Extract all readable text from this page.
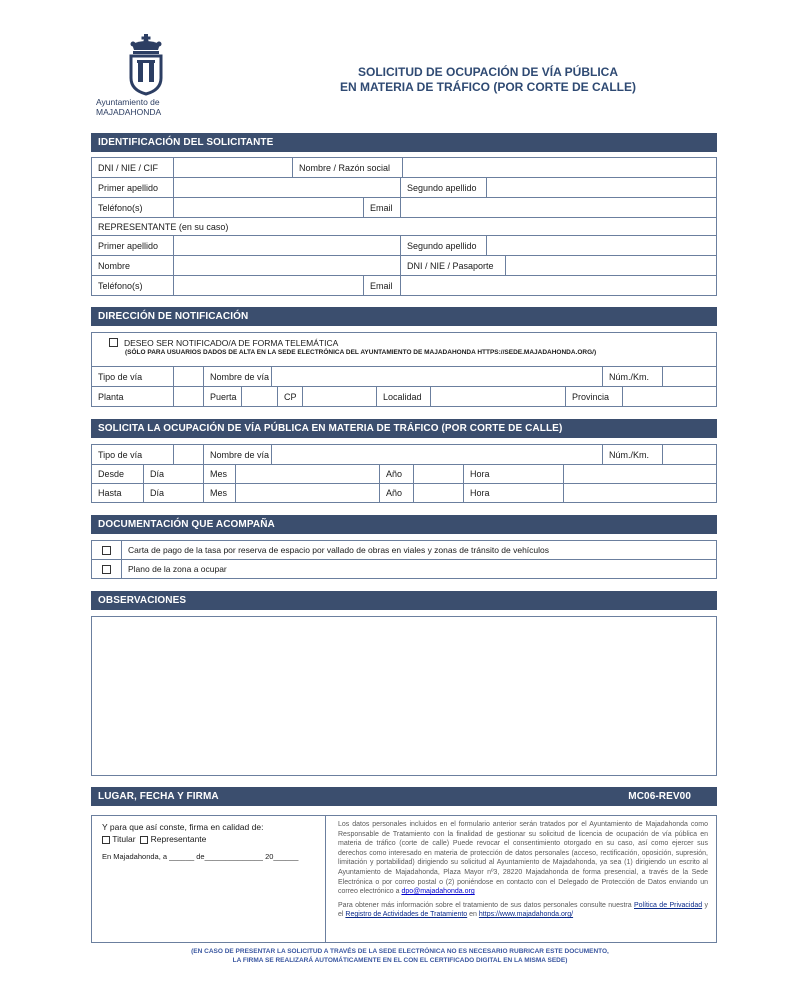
Ayuntamiento de
MAJADAHONDA
SOLICITUD DE OCUPACIÓN DE VÍA PÚBLICA
EN MATERIA DE TRÁFICO (POR CORTE DE CALLE)
IDENTIFICACIÓN DEL SOLICITANTE
DNI / NIE / CIF	Nombre / Razón social
Primer apellido	Segundo apellido
Teléfono(s)	Email
REPRESENTANTE (en su caso)
Primer apellido	Segundo apellido
Nombre	DNI / NIE / Pasaporte
Teléfono(s)	Email
DIRECCIÓN DE NOTIFICACIÓN
DESEO SER NOTIFICADO/A DE FORMA TELEMÁTICA
(SÓLO PARA USUARIOS DADOS DE ALTA EN LA SEDE ELECTRÓNICA DEL AYUNTAMIENTO DE MAJADAHONDA HTTPS://SEDE.MAJADAHONDA.ORG/)
Tipo de vía	Nombre de vía	Núm./Km.
Planta	Puerta	CP	Localidad	Provincia
SOLICITA LA OCUPACIÓN DE VÍA PÚBLICA EN MATERIA DE TRÁFICO (POR CORTE DE CALLE)
Tipo de vía	Nombre de vía	Núm./Km.
Desde	Día	Mes	Año	Hora
Hasta	Día	Mes	Año	Hora
DOCUMENTACIÓN QUE ACOMPAÑA
Carta de pago de la tasa por reserva de espacio por vallado de obras en viales y zonas de tránsito de vehículos
Plano de la zona a ocupar
OBSERVACIONES
LUGAR, FECHA Y FIRMA	MC06-REV00
Y para que así conste, firma en calidad de:
Titular Representante
En Majadahonda, a ______ de______________ 20______
Los datos personales incluidos en el formulario anterior serán tratados por el Ayuntamiento de Majadahonda como Responsable de Tratamiento con la finalidad de gestionar su solicitud de licencia de ocupación de vía pública en materia de tráfico (corte de calle) Puede revocar el consentimiento otorgado en su caso, así como ejercer sus derechos como interesado en materia de protección de datos personales (acceso, rectificación, oposición, supresión, limitación y portabilidad) dirigiendo su solicitud al Ayuntamiento de Majadahonda, ya sea (1) dirigiendo un escrito al Ayuntamiento de Majadahonda, Plaza Mayor nº3, 28220 Majadahonda de forma presencial, a través de la Sede Electrónica o por correo postal o (2) poniéndose en contacto con el Delegado de Protección de Datos enviando un correo electrónico a dpo@majadahonda.org
Para obtener más información sobre el tratamiento de sus datos personales consulte nuestra Política de Privacidad y el Registro de Actividades de Tratamiento en https://www.majadahonda.org/
(EN CASO DE PRESENTAR LA SOLICITUD A TRAVÉS DE LA SEDE ELECTRÓNICA NO ES NECESARIO RUBRICAR ESTE DOCUMENTO,
LA FIRMA SE REALIZARÁ AUTOMÁTICAMENTE EN EL CON EL CERTIFICADO DIGITAL EN LA MISMA SEDE)
